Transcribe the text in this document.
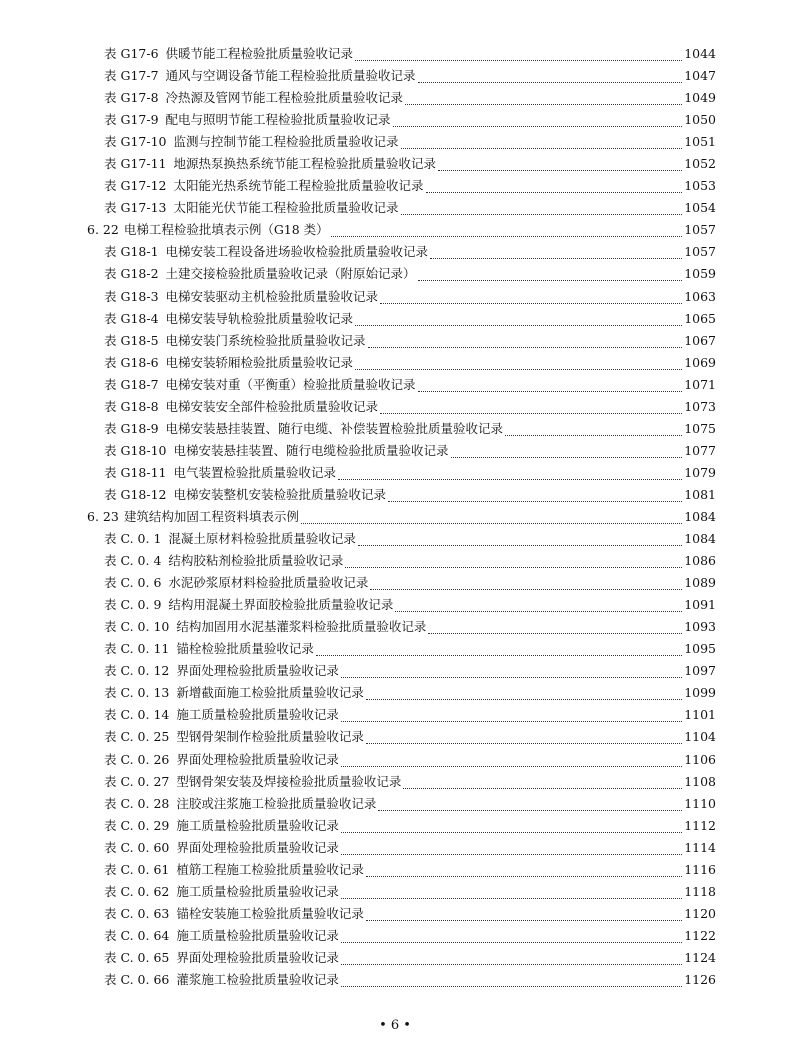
表 G17-6 供暖节能工程检验批质量验收记录	1044
表 G17-7 通风与空调设备节能工程检验批质量验收记录	1047
表 G17-8 冷热源及管网节能工程检验批质量验收记录	1049
表 G17-9 配电与照明节能工程检验批质量验收记录	1050
表 G17-10 监测与控制节能工程检验批质量验收记录	1051
表 G17-11 地源热泵换热系统节能工程检验批质量验收记录	1052
表 G17-12 太阳能光热系统节能工程检验批质量验收记录	1053
表 G17-13 太阳能光伏节能工程检验批质量验收记录	1054
6. 22 电梯工程检验批填表示例（G18 类）	1057
表 G18-1 电梯安装工程设备进场验收检验批质量验收记录	1057
表 G18-2 土建交接检验批质量验收记录（附原始记录）	1059
表 G18-3 电梯安装驱动主机检验批质量验收记录	1063
表 G18-4 电梯安装导轨检验批质量验收记录	1065
表 G18-5 电梯安装门系统检验批质量验收记录	1067
表 G18-6 电梯安装轿厢检验批质量验收记录	1069
表 G18-7 电梯安装对重（平衡重）检验批质量验收记录	1071
表 G18-8 电梯安装安全部件检验批质量验收记录	1073
表 G18-9 电梯安装悬挂装置、随行电缆、补偿装置检验批质量验收记录	1075
表 G18-10 电梯安装悬挂装置、随行电缆检验批质量验收记录	1077
表 G18-11 电气装置检验批质量验收记录	1079
表 G18-12 电梯安装整机安装检验批质量验收记录	1081
6. 23 建筑结构加固工程资料填表示例	1084
表 C. 0. 1 混凝土原材料检验批质量验收记录	1084
表 C. 0. 4 结构胶粘剂检验批质量验收记录	1086
表 C. 0. 6 水泥砂浆原材料检验批质量验收记录	1089
表 C. 0. 9 结构用混凝土界面胶检验批质量验收记录	1091
表 C. 0. 10 结构加固用水泥基灌浆料检验批质量验收记录	1093
表 C. 0. 11 锚栓检验批质量验收记录	1095
表 C. 0. 12 界面处理检验批质量验收记录	1097
表 C. 0. 13 新增截面施工检验批质量验收记录	1099
表 C. 0. 14 施工质量检验批质量验收记录	1101
表 C. 0. 25 型钢骨架制作检验批质量验收记录	1104
表 C. 0. 26 界面处理检验批质量验收记录	1106
表 C. 0. 27 型钢骨架安装及焊接检验批质量验收记录	1108
表 C. 0. 28 注胶或注浆施工检验批质量验收记录	1110
表 C. 0. 29 施工质量检验批质量验收记录	1112
表 C. 0. 60 界面处理检验批质量验收记录	1114
表 C. 0. 61 植筋工程施工检验批质量验收记录	1116
表 C. 0. 62 施工质量检验批质量验收记录	1118
表 C. 0. 63 锚栓安装施工检验批质量验收记录	1120
表 C. 0. 64 施工质量检验批质量验收记录	1122
表 C. 0. 65 界面处理检验批质量验收记录	1124
表 C. 0. 66 灌浆施工检验批质量验收记录	1126
• 6 •
